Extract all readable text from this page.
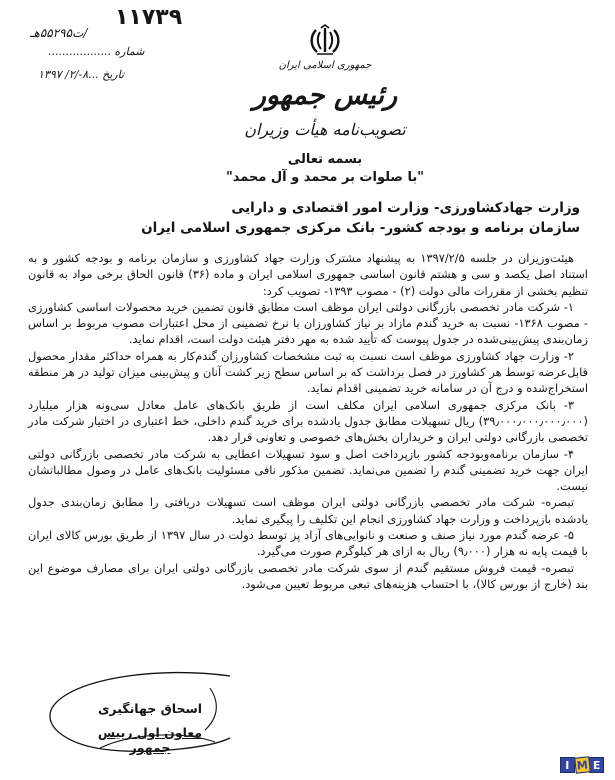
۱۱۷۳۹
/ت۵۵۲۹۵هـ
شماره ..................
تاریخ ...۸-/۲/ ۱۳۹۷
جمهوری اسلامی ایران
رئیس جمهور
تصویب‌نامه هیأت وزیران
بسمه تعالی
"با صلوات بر محمد و آل محمد"
وزارت جهادکشاورزی- وزارت امور اقتصادی و دارایی
سازمان برنامه و بودجه کشور- بانک مرکزی جمهوری اسلامی ایران

هیئت‌وزیران در جلسه ۱۳۹۷/۲/۵ به پیشنهاد مشترک وزارت جهاد کشاورزی و سازمان برنامه و بودجه کشور و به استناد اصل یکصد و سی و هشتم قانون اساسی جمهوری اسلامی ایران و ماده (۳۶) قانون الحاق برخی مواد به قانون تنظیم بخشی از مقررات مالی دولت (۲) - مصوب ۱۳۹۳- تصویب کرد:

۱- شرکت مادر تخصصی بازرگانی دولتی ایران موظف است مطابق قانون تضمین خرید محصولات اساسی کشاورزی - مصوب ۱۳۶۸- نسبت به خرید گندم مازاد بر نیاز کشاورزان با نرخ تضمینی از محل اعتبارات مصوب مربوط بر اساس زمان‌بندی پیش‌بینی‌شده در جدول پیوست که تأیید شده به مهر دفتر هیئت دولت است، اقدام نماید.

۲- وزارت جهاد کشاورزی موظف است نسبت به ثبت مشخصات کشاورزان گندم‌کار به همراه حداکثر مقدار محصول قابل‌عرضه توسط هر کشاورز در فصل برداشت که بر اساس سطح زیر کشت آنان و پیش‌بینی میزان تولید در هر منطقه استخراج‌شده و درج آن در سامانه خرید تضمینی اقدام نماید.

۳- بانک مرکزی جمهوری اسلامی ایران مکلف است از طریق بانک‌های عامل معادل سی‌ونه هزار میلیارد (۳۹٫۰۰۰٫۰۰۰٫۰۰۰٫۰۰۰) ریال تسهیلات مطابق جدول یادشده برای خرید گندم داخلی، خط اعتباری در اختیار شرکت مادر تخصصی بازرگانی دولتی ایران و خریداران بخش‌های خصوصی و تعاونی قرار دهد.

۴- سازمان برنامه‌وبودجه کشور بازپرداخت اصل و سود تسهیلات اعطایی به شرکت مادر تخصصی بازرگانی دولتی ایران جهت خرید تضمینی گندم را تضمین می‌نماید. تضمین مذکور نافی مسئولیت بانک‌های عامل در وصول مطالباتشان نیست.

تبصره- شرکت مادر تخصصی بازرگانی دولتی ایران موظف است تسهیلات دریافتی را مطابق زمان‌بندی جدول یادشده بازپرداخت و وزارت جهاد کشاورزی انجام این تکلیف را پیگیری نماید.

۵- عرضه گندم مورد نیاز صنف و صنعت و نانوایی‌های آزاد پز توسط دولت در سال ۱۳۹۷ از طریق بورس کالای ایران با قیمت پایه نه هزار (۹٫۰۰۰) ریال به ازای هر کیلوگرم صورت می‌گیرد.

تبصره- قیمت فروش مستقیم گندم از سوی شرکت مادر تخصصی بازرگانی دولتی ایران برای مصارف موضوع این بند (خارج از بورس کالا)، با احتساب هزینه‌های تبعی مربوط تعیین می‌شود.

اسحاق جهانگیری
معاون اول رییس جمهور
I M E
